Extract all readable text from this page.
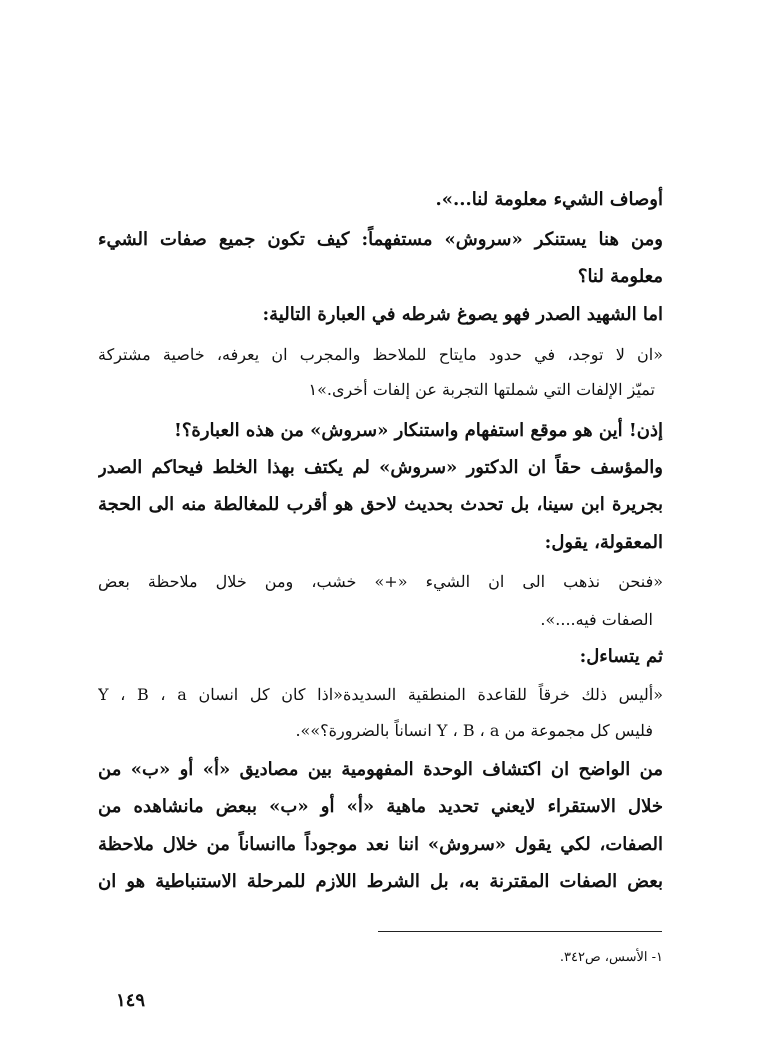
أوصاف الشيء معلومة لنا...».
ومن هنا يستنكر «سروش» مستفهماً: كيف تكون جميع صفات الشيء
معلومة لنا؟
اما الشهيد الصدر فهو يصوغ شرطه في العبارة التالية:
«ان لا توجد، في حدود مايتاح للملاحظ والمجرب ان يعرفه، خاصية مشتركة
تميّز الإلفات التي شملتها التجربة عن إلفات أخرى.»١
إذن! أين هو موقع استفهام واستنكار «سروش» من هذه العبارة؟!
والمؤسف حقاً ان الدكتور «سروش» لم يكتف بهذا الخلط فيحاكم الصدر
بجريرة ابن سينا، بل تحدث بحديث لاحق هو أقرب للمغالطة منه الى الحجة
المعقولة، يقول:
«فنحن نذهب الى ان الشيء «+» خشب، ومن خلال ملاحظة بعض
الصفات فيه....».
ثم يتساءل:
«أليس ذلك خرقاً للقاعدة المنطقية السديدة«اذا كان كل انسان Y ، B ، a
فليس كل مجموعة من Y ، B ، a انساناً بالضرورة؟»».
من الواضح ان اكتشاف الوحدة المفهومية بين مصاديق «أ» أو «ب» من
خلال الاستقراء لايعني تحديد ماهية «أ» أو «ب» ببعض مانشاهده من
الصفات، لكي يقول «سروش» اننا نعد موجوداً ماانساناً من خلال ملاحظة
بعض الصفات المقترنة به، بل الشرط اللازم للمرحلة الاستنباطية هو ان
١- الأسس، ص٣٤٢.
١٤٩
